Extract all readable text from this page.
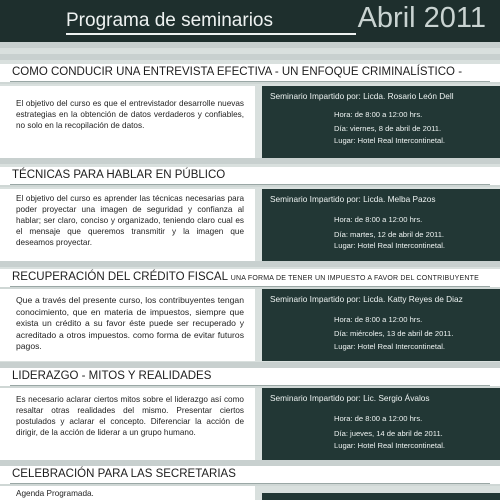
Programa de seminarios	Abril 2011
COMO CONDUCIR UNA ENTREVISTA EFECTIVA - UN ENFOQUE CRIMINALÍSTICO -
El objetivo del curso es que el entrevistador desarrolle nuevas estrategias en la obtención de datos verdaderos y confiables, no solo en la recopilación de datos.
Seminario Impartido por: Licda. Rosario León Dell
Hora: de 8:00 a 12:00 hrs.
Día: viernes, 8 de abril de 2011.
Lugar: Hotel Real Intercontinetal.
TÉCNICAS PARA HABLAR EN PÚBLICO
El objetivo del curso es aprender las técnicas necesarias para poder proyectar una imagen de seguridad y confianza al hablar; ser claro, conciso y organizado, teniendo claro cual es el mensaje que queremos transmitir y la imagen que deseamos proyectar.
Seminario Impartido por: Licda. Melba Pazos
Hora: de 8:00 a 12:00 hrs.
Día: martes, 12 de abril de 2011.
Lugar: Hotel Real Intercontinetal.
RECUPERACIÓN DEL CRÉDITO FISCAL UNA FORMA DE TENER UN IMPUESTO A FAVOR DEL CONTRIBUYENTE
Que a través del presente curso, los contribuyentes tengan conocimiento, que en materia de impuestos, siempre que exista un crédito a su favor éste puede ser recuperado y acreditado a otros impuestos. como forma de evitar futuros pagos.
Seminario Impartido por: Licda. Katty Reyes de Diaz
Hora: de 8:00 a 12:00 hrs.
Día: miércoles, 13 de abril de 2011.
Lugar: Hotel Real Intercontinetal.
LIDERAZGO - MITOS Y REALIDADES
Es necesario aclarar ciertos mitos sobre el liderazgo así como resaltar otras realidades del mismo. Presentar ciertos postulados y aclarar el concepto. Diferenciar la acción de dirigir, de la acción de liderar a un grupo humano.
Seminario Impartido por: Lic. Sergio Ávalos
Hora: de 8:00 a 12:00 hrs.
Día: jueves, 14 de abril de 2011.
Lugar: Hotel Real Intercontinetal.
CELEBRACIÓN PARA LAS SECRETARIAS
Agenda Programada.
